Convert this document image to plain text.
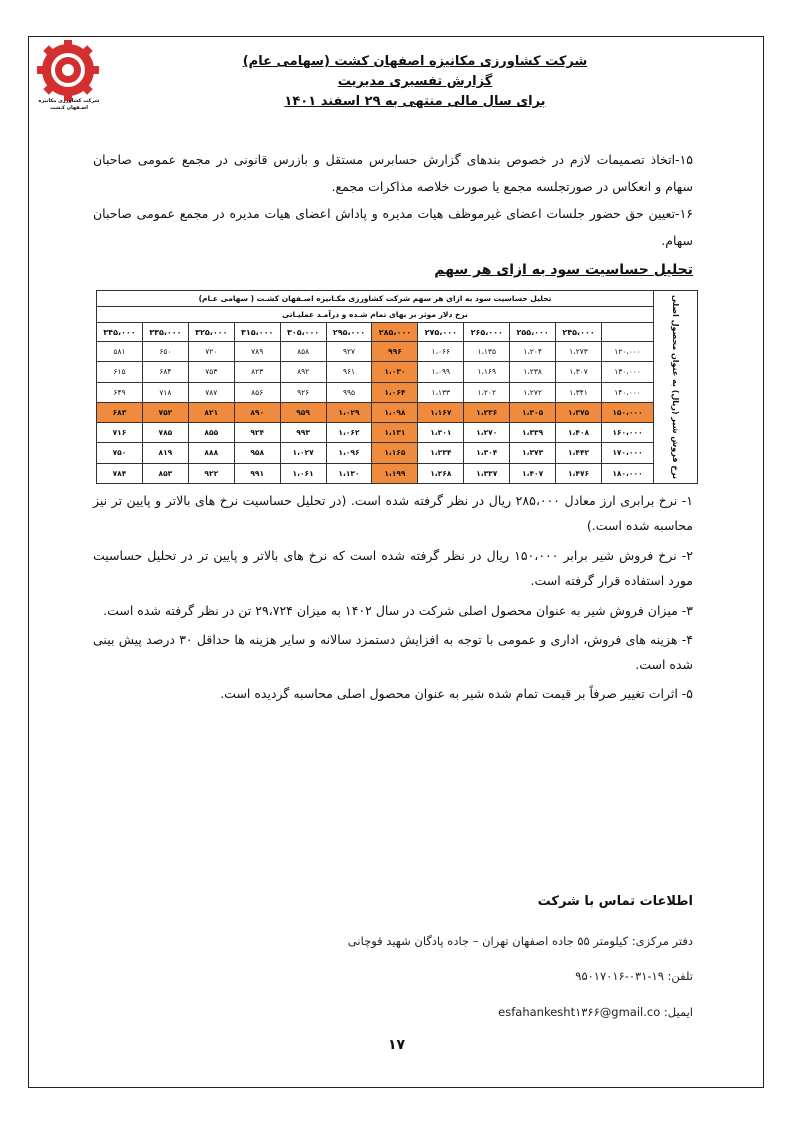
شرکت کشاورزی مکانیزه
اصـفهان کـشت
شرکت کشاورزی مکانیزه اصفهان کشت (سهامی عام)
گزارش تفسیری مدیریت
برای سال مالی منتهی به ۲۹ اسفند ۱۴۰۱
۱۵-اتخاذ تصمیمات لازم در خصوص بندهای گزارش حسابرس مستقل و بازرس قانونی در مجمع عمومی صاحبان سهام و انعکاس در صورتجلسه مجمع یا صورت خلاصه مذاکرات مجمع.
۱۶-تعیین حق حضور جلسات اعضای غیرموظف هیات مدیره و پاداش اعضای هیات مدیره در مجمع عمومی صاحبان سهام.
تحلیل حساسیت سود به ازای هر سهم
نرخ فروش شیر (ریال) به عنوان محصول اصلی	تحلیل حساسیت سود به ازای هر سهم شرکت کشاورزی مکـانیزه اصـفهان کشـت ( سهامی عـام)											
	نرخ دلار موثر بر بهای تمام شـده و درآمـد عملیـاتی											
		۲۴۵،۰۰۰	۲۵۵،۰۰۰	۲۶۵،۰۰۰	۲۷۵،۰۰۰	۲۸۵،۰۰۰	۲۹۵،۰۰۰	۳۰۵،۰۰۰	۳۱۵،۰۰۰	۳۲۵،۰۰۰	۳۳۵،۰۰۰	۳۴۵،۰۰۰
	۱۲۰،۰۰۰	۱،۲۷۳	۱،۲۰۴	۱،۱۳۵	۱،۰۶۶	۹۹۶	۹۲۷	۸۵۸	۷۸۹	۷۲۰	۶۵۰	۵۸۱
	۱۳۰،۰۰۰	۱،۳۰۷	۱،۲۳۸	۱،۱۶۹	۱،۰۹۹	۱،۰۳۰	۹۶۱	۸۹۲	۸۲۳	۷۵۳	۶۸۴	۶۱۵
	۱۴۰،۰۰۰	۱،۳۴۱	۱،۲۷۲	۱،۲۰۲	۱،۱۳۳	۱،۰۶۴	۹۹۵	۹۲۶	۸۵۶	۷۸۷	۷۱۸	۶۴۹
	۱۵۰،۰۰۰	۱،۳۷۵	۱،۳۰۵	۱،۲۳۶	۱،۱۶۷	۱،۰۹۸	۱،۰۲۹	۹۵۹	۸۹۰	۸۲۱	۷۵۲	۶۸۳
	۱۶۰،۰۰۰	۱،۴۰۸	۱،۳۳۹	۱،۲۷۰	۱،۲۰۱	۱،۱۳۱	۱،۰۶۲	۹۹۳	۹۲۴	۸۵۵	۷۸۵	۷۱۶
	۱۷۰،۰۰۰	۱،۴۴۲	۱،۳۷۳	۱،۳۰۴	۱،۲۳۴	۱،۱۶۵	۱،۰۹۶	۱،۰۲۷	۹۵۸	۸۸۸	۸۱۹	۷۵۰
	۱۸۰،۰۰۰	۱،۴۷۶	۱،۴۰۷	۱،۳۳۷	۱،۲۶۸	۱،۱۹۹	۱،۱۳۰	۱،۰۶۱	۹۹۱	۹۲۲	۸۵۳	۷۸۴
۱- نرخ برابری ارز معادل ۲۸۵،۰۰۰ ریال در نظر گرفته شده است. (در تحلیل حساسیت نرخ های بالاتر و پایین تر نیز محاسبه شده است.)
۲- نرخ فروش شیر برابر ۱۵۰،۰۰۰ ریال در نظر گرفته شده است که نرخ های بالاتر و پایین تر در تحلیل حساسیت مورد استفاده قرار گرفته است.
۳- میزان فروش شیر به عنوان محصول اصلی شرکت در سال ۱۴۰۲ به میزان ۲۹،۷۲۴ تن در نظر گرفته شده است.
۴- هزینه های فروش، اداری و عمومی با توجه به افزایش دستمزد سالانه و سایر هزینه ها حداقل ۳۰ درصد پیش بینی شده است.
۵- اثرات تغییر صرفاً بر قیمت تمام شده شیر به عنوان محصول اصلی محاسبه گردیده است.
اطلاعات تماس با شرکت
دفتر مرکزی: کیلومتر ۵۵ جاده اصفهان تهران – جاده پادگان شهید قوچانی
تلفن: ۱۹-۰۳۱-۹۵۰۱۷۰۱۶
ایمیل: esfahankesht۱۳۶۶@gmail.co
۱۷
